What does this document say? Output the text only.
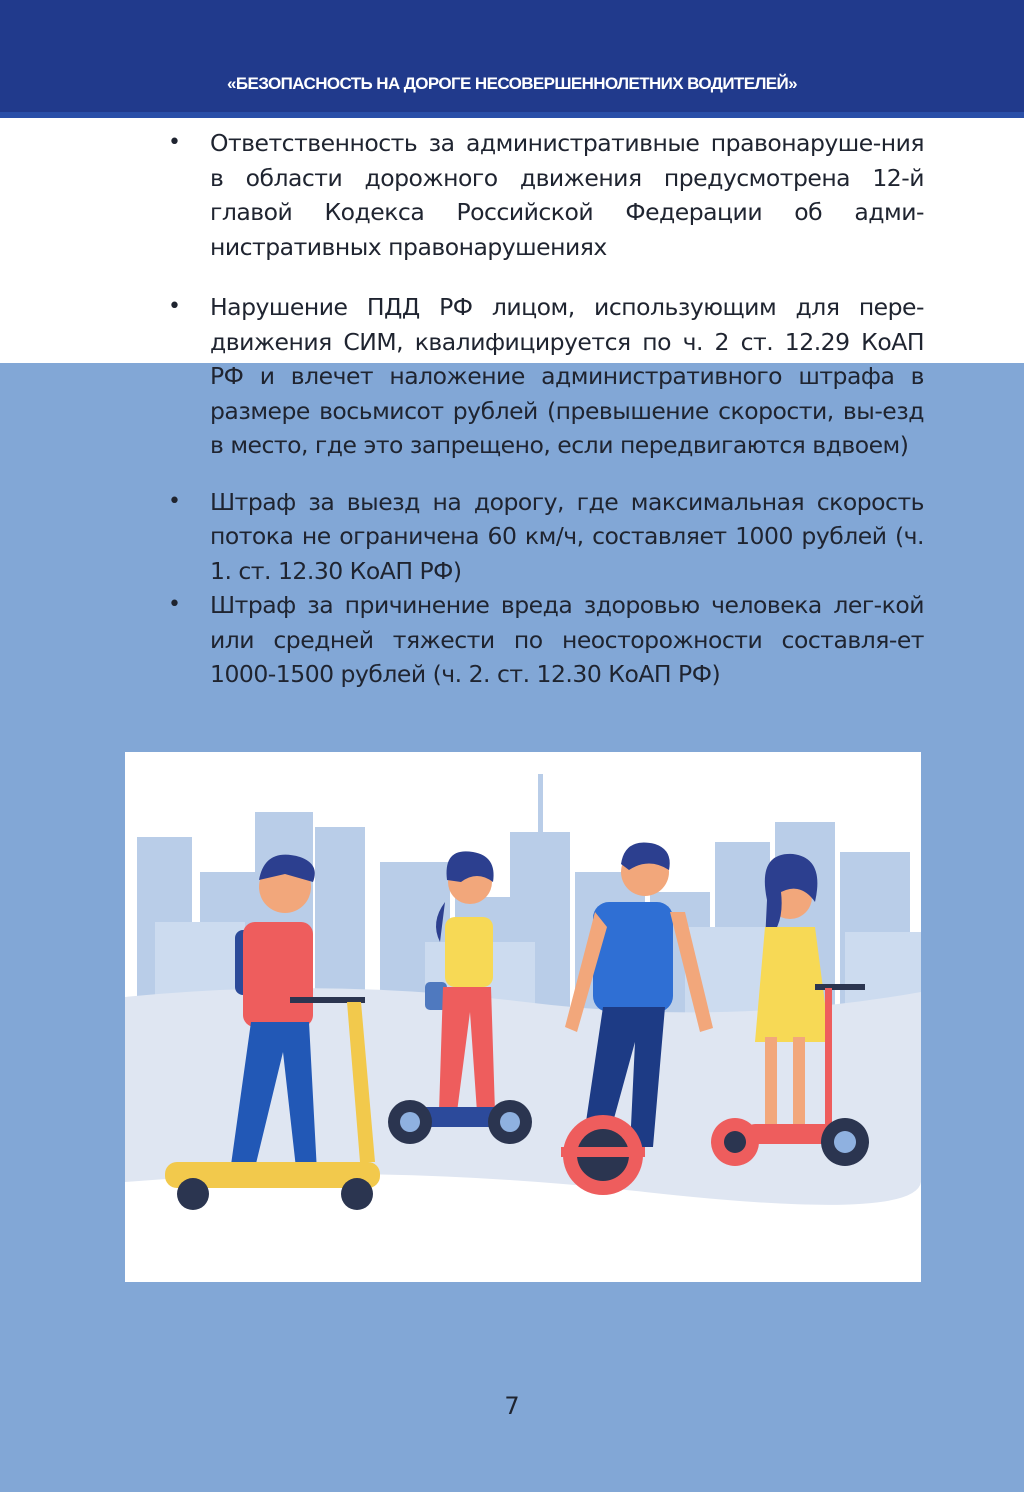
«БЕЗОПАСНОСТЬ НА ДОРОГЕ НЕСОВЕРШЕННОЛЕТНИХ ВОДИТЕЛЕЙ»
• Ответственность за административные правонаруше-ния в области дорожного движения предусмотрена 12-й главой Кодекса Российской Федерации об адми-нистративных правонарушениях
• Нарушение ПДД РФ лицом, использующим для пере-движения СИМ, квалифицируется по ч. 2 ст. 12.29 КоАП РФ и влечет наложение административного штрафа в размере восьмисот рублей (превышение скорости, вы-езд в место, где это запрещено, если передвигаются вдвоем)
• Штраф за выезд на дорогу, где максимальная скорость потока не ограничена 60 км/ч, составляет 1000 рублей (ч. 1. ст. 12.30 КоАП РФ)
• Штраф за причинение вреда здоровью человека лег-кой или средней тяжести по неосторожности составля-ет 1000-1500 рублей (ч. 2. ст. 12.30 КоАП РФ)
7
